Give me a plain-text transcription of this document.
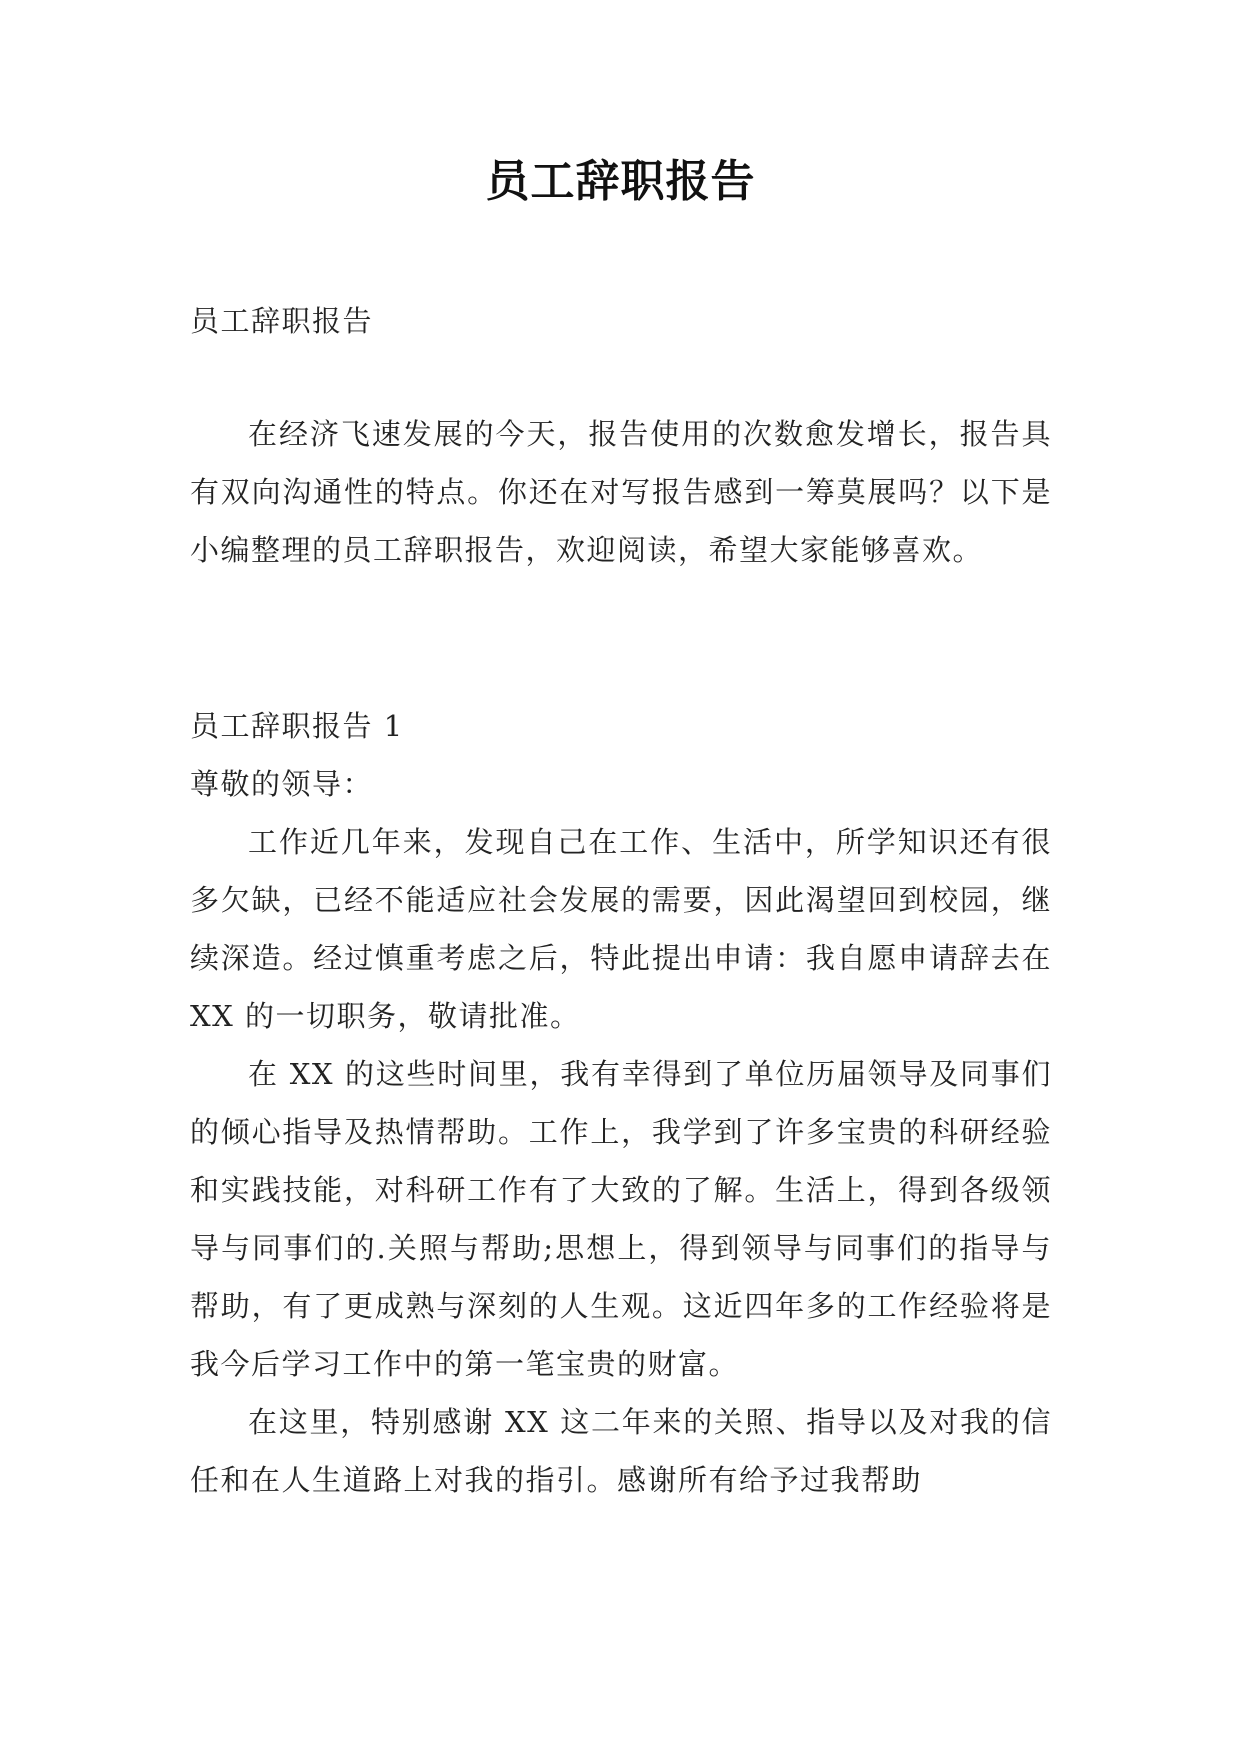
员工辞职报告

员工辞职报告

在经济飞速发展的今天，报告使用的次数愈发增长，报告具有双向沟通性的特点。你还在对写报告感到一筹莫展吗？以下是小编整理的员工辞职报告，欢迎阅读，希望大家能够喜欢。

员工辞职报告 1

尊敬的领导：

工作近几年来，发现自己在工作、生活中，所学知识还有很多欠缺，已经不能适应社会发展的需要，因此渴望回到校园，继续深造。经过慎重考虑之后，特此提出申请：我自愿申请辞去在 XX 的一切职务，敬请批准。

在 XX 的这些时间里，我有幸得到了单位历届领导及同事们的倾心指导及热情帮助。工作上，我学到了许多宝贵的科研经验和实践技能，对科研工作有了大致的了解。生活上，得到各级领导与同事们的.关照与帮助;思想上，得到领导与同事们的指导与帮助，有了更成熟与深刻的人生观。这近四年多的工作经验将是我今后学习工作中的第一笔宝贵的财富。

在这里，特别感谢 XX 这二年来的关照、指导以及对我的信任和在人生道路上对我的指引。感谢所有给予过我帮助
